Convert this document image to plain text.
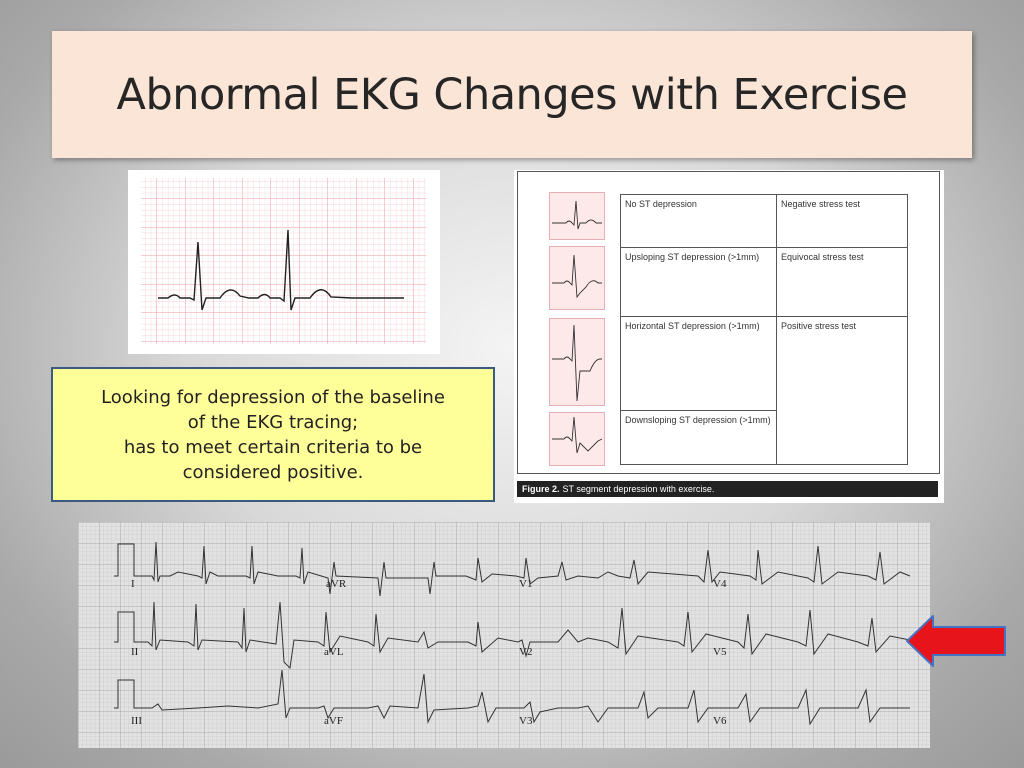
Abnormal EKG Changes with Exercise
Looking for depression of the baseline
of the EKG tracing;
has to meet certain criteria to be
considered positive.
No ST depression	Negative stress test
Upsloping ST depression (>1mm)	Equivocal stress test
Horizontal ST depression (>1mm)	Positive stress test
Downsloping ST depression (>1mm)	
Figure 2. ST segment depression with exercise.
I	aVR	V1	V4
II	aVL	V2	V5
III	aVF	V3	V6
